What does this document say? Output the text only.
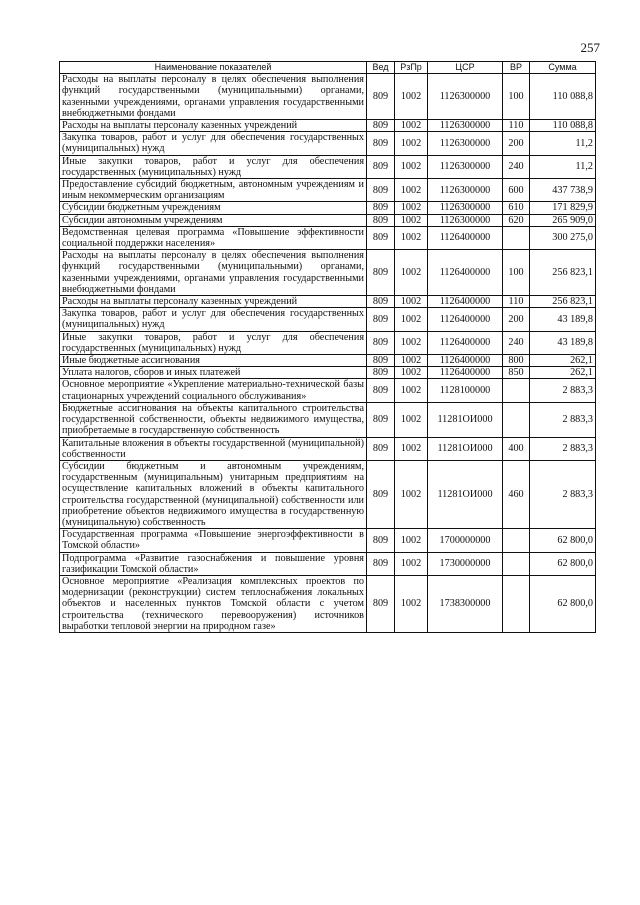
257
Наименование показателей	Вед	РзПр	ЦСР	ВР	Сумма
Расходы на выплаты персоналу в целях обеспечения выполнения функций государственными (муниципальными) органами, казенными учреждениями, органами управления государственными внебюджетными фондами	809	1002	1126300000	100	110 088,8
Расходы на выплаты персоналу казенных учреждений	809	1002	1126300000	110	110 088,8
Закупка товаров, работ и услуг для обеспечения государственных (муниципальных) нужд	809	1002	1126300000	200	11,2
Иные закупки товаров, работ и услуг для обеспечения государственных (муниципальных) нужд	809	1002	1126300000	240	11,2
Предоставление субсидий бюджетным, автономным учреждениям и иным некоммерческим организациям	809	1002	1126300000	600	437 738,9
Субсидии бюджетным учреждениям	809	1002	1126300000	610	171 829,9
Субсидии автономным учреждениям	809	1002	1126300000	620	265 909,0
Ведомственная целевая программа «Повышение эффективности социальной поддержки населения»	809	1002	1126400000		300 275,0
Расходы на выплаты персоналу в целях обеспечения выполнения функций государственными (муниципальными) органами, казенными учреждениями, органами управления государственными внебюджетными фондами	809	1002	1126400000	100	256 823,1
Расходы на выплаты персоналу казенных учреждений	809	1002	1126400000	110	256 823,1
Закупка товаров, работ и услуг для обеспечения государственных (муниципальных) нужд	809	1002	1126400000	200	43 189,8
Иные закупки товаров, работ и услуг для обеспечения государственных (муниципальных) нужд	809	1002	1126400000	240	43 189,8
Иные бюджетные ассигнования	809	1002	1126400000	800	262,1
Уплата налогов, сборов и иных платежей	809	1002	1126400000	850	262,1
Основное мероприятие «Укрепление материально-технической базы стационарных учреждений социального обслуживания»	809	1002	1128100000		2 883,3
Бюджетные ассигнования на объекты капитального строительства государственной собственности, объекты недвижимого имущества, приобретаемые в государственную собственность	809	1002	11281ОИ000		2 883,3
Капитальные вложения в объекты государственной (муниципальной) собственности	809	1002	11281ОИ000	400	2 883,3
Субсидии бюджетным и автономным учреждениям, государственным (муниципальным) унитарным предприятиям на осуществление капитальных вложений в объекты капитального строительства государственной (муниципальной) собственности или приобретение объектов недвижимого имущества в государственную (муниципальную) собственность	809	1002	11281ОИ000	460	2 883,3
Государственная программа «Повышение энергоэффективности в Томской области»	809	1002	1700000000		62 800,0
Подпрограмма «Развитие газоснабжения и повышение уровня газификации Томской области»	809	1002	1730000000		62 800,0
Основное мероприятие «Реализация комплексных проектов по модернизации (реконструкции) систем теплоснабжения локальных объектов и населенных пунктов Томской области с учетом строительства (технического перевооружения) источников выработки тепловой энергии на природном газе»	809	1002	1738300000		62 800,0
